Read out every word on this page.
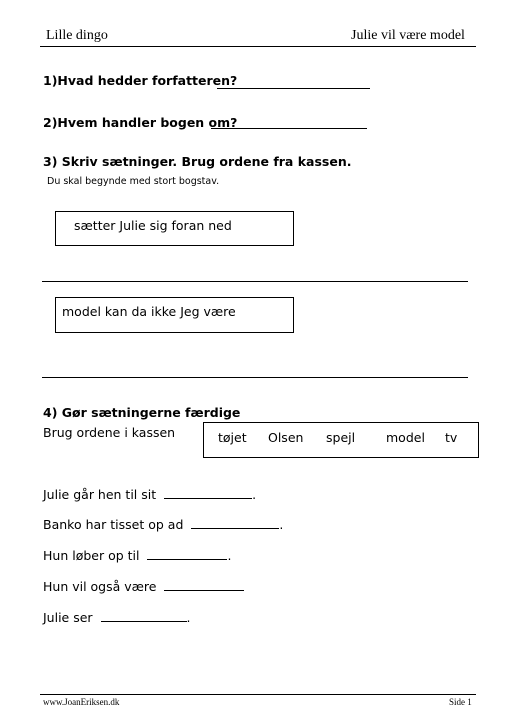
Lille dingo	Julie vil være model
1)Hvad hedder forfatteren?
2)Hvem handler bogen om?
3) Skriv sætninger. Brug ordene fra kassen.
Du skal begynde med stort bogstav.
sætter Julie sig foran ned
model kan da ikke Jeg være
4) Gør sætningerne færdige
Brug ordene i kassen	tøjet Olsen spejl model tv
Julie går hen til sit	.
Banko har tisset op ad	.
Hun løber op til	.
Hun vil også være
Julie ser	.
www.JoanEriksen.dk	Side 1
